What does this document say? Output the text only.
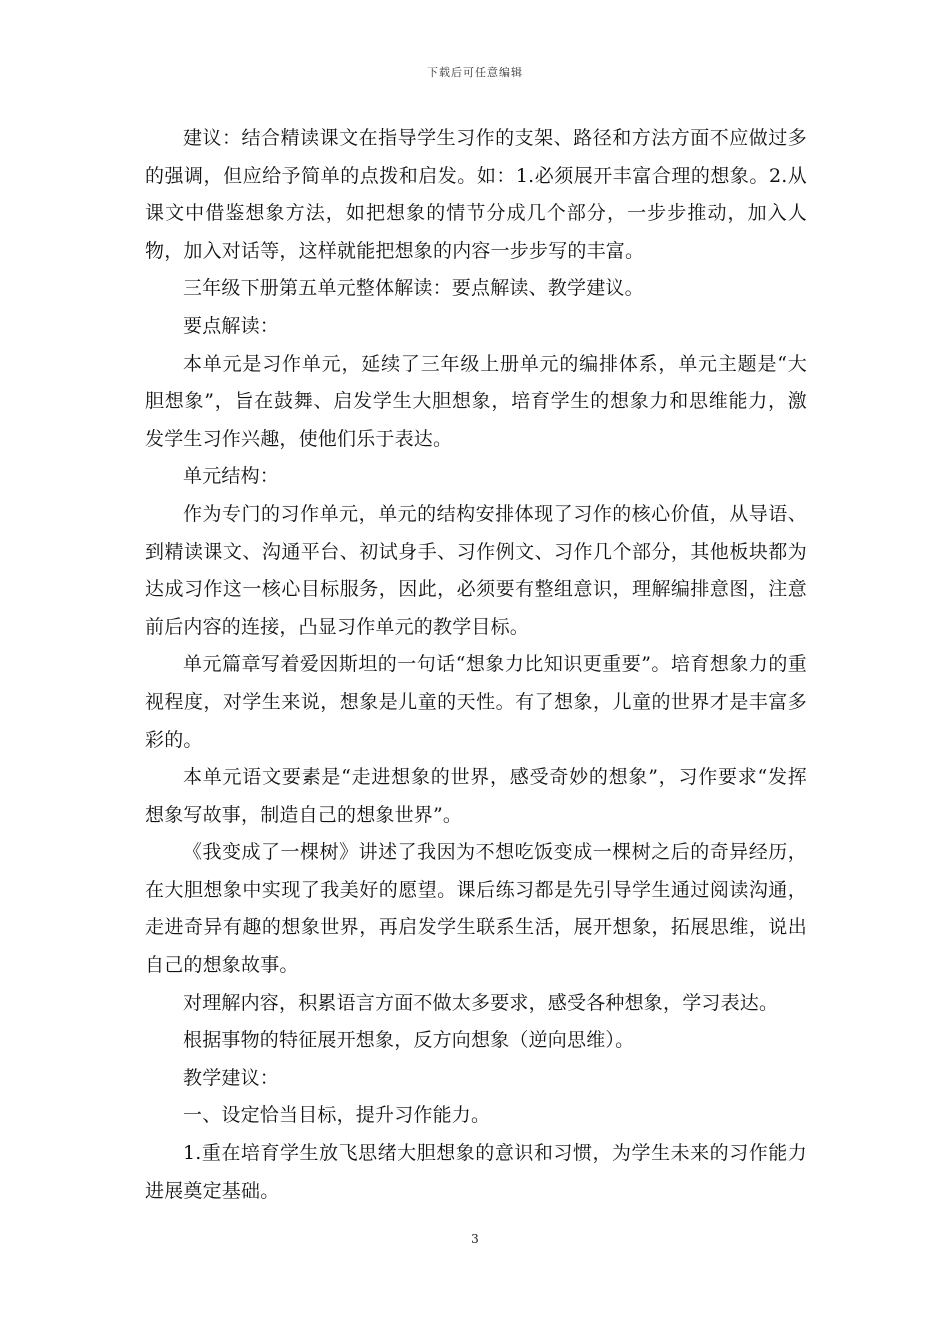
下载后可任意编辑

建议：结合精读课文在指导学生习作的支架、路径和方法方面不应做过多的强调，但应给予简单的点拨和启发。如：1.必须展开丰富合理的想象。2.从课文中借鉴想象方法，如把想象的情节分成几个部分，一步步推动，加入人物，加入对话等，这样就能把想象的内容一步步写的丰富。

三年级下册第五单元整体解读：要点解读、教学建议。

要点解读：

本单元是习作单元，延续了三年级上册单元的编排体系，单元主题是“大胆想象”，旨在鼓舞、启发学生大胆想象，培育学生的想象力和思维能力，激发学生习作兴趣，使他们乐于表达。

单元结构：

作为专门的习作单元，单元的结构安排体现了习作的核心价值，从导语、到精读课文、沟通平台、初试身手、习作例文、习作几个部分，其他板块都为达成习作这一核心目标服务，因此，必须要有整组意识，理解编排意图，注意前后内容的连接，凸显习作单元的教学目标。

单元篇章写着爱因斯坦的一句话“想象力比知识更重要”。培育想象力的重视程度，对学生来说，想象是儿童的天性。有了想象，儿童的世界才是丰富多彩的。

本单元语文要素是“走进想象的世界，感受奇妙的想象”，习作要求“发挥想象写故事，制造自己的想象世界”。

《我变成了一棵树》讲述了我因为不想吃饭变成一棵树之后的奇异经历，在大胆想象中实现了我美好的愿望。课后练习都是先引导学生通过阅读沟通，走进奇异有趣的想象世界，再启发学生联系生活，展开想象，拓展思维，说出自己的想象故事。

对理解内容，积累语言方面不做太多要求，感受各种想象，学习表达。

根据事物的特征展开想象，反方向想象（逆向思维）。

教学建议：

一、设定恰当目标，提升习作能力。

1.重在培育学生放飞思绪大胆想象的意识和习惯，为学生未来的习作能力进展奠定基础。

3
